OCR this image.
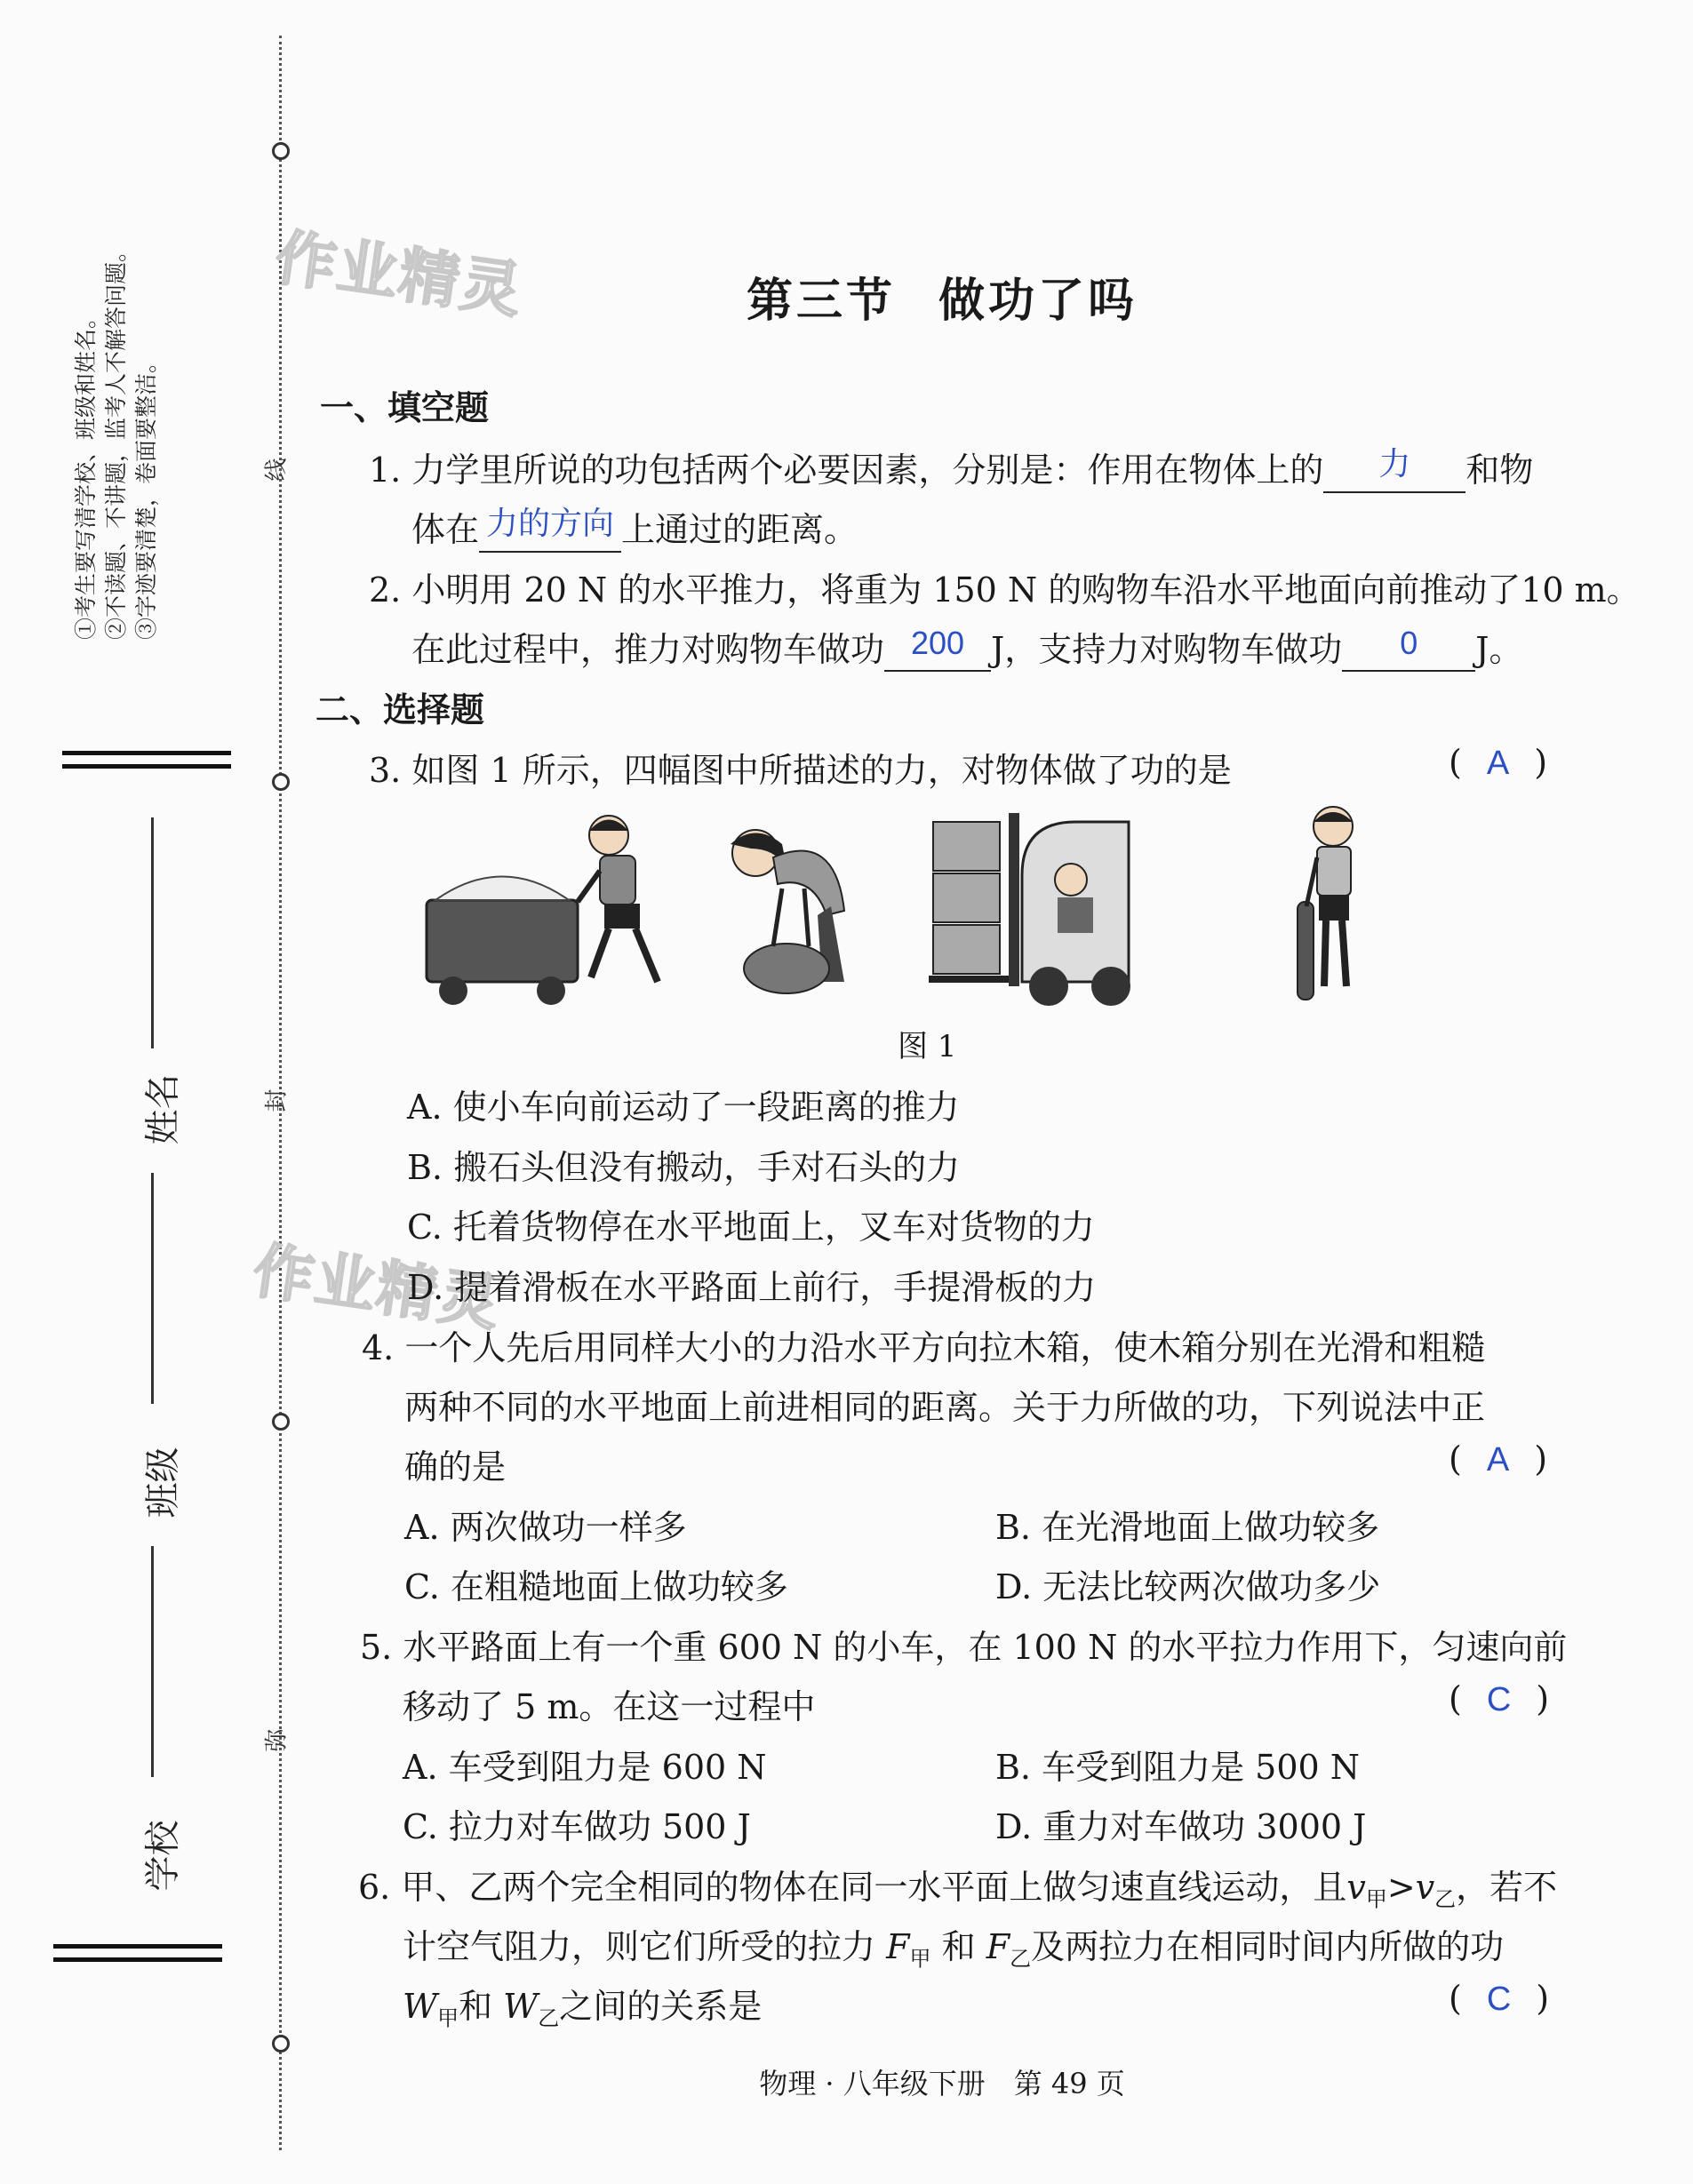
①考生要写清学校、班级和姓名。 ②不读题、不讲题，监考人不解答问题。 ③字迹要清楚，卷面要整洁。
姓名
班级
学校
线
封
弥
作业精灵
作业精灵
第三节 做功了吗
一、填空题
1. 力学里所说的功包括两个必要因素，分别是：作用在物体上的 力 和物
体在 力的方向 上通过的距离。
2. 小明用 20 N 的水平推力，将重为 150 N 的购物车沿水平地面向前推动了10 m。
在此过程中，推力对购物车做功 200 J，支持力对购物车做功 0 J。
二、选择题
3. 如图 1 所示，四幅图中所描述的力，对物体做了功的是	( A )
图 1
A. 使小车向前运动了一段距离的推力
B. 搬石头但没有搬动，手对石头的力
C. 托着货物停在水平地面上，叉车对货物的力
D. 提着滑板在水平路面上前行，手提滑板的力
4. 一个人先后用同样大小的力沿水平方向拉木箱，使木箱分别在光滑和粗糙
两种不同的水平地面上前进相同的距离。关于力所做的功，下列说法中正
确的是	( A )
A. 两次做功一样多	B. 在光滑地面上做功较多
C. 在粗糙地面上做功较多	D. 无法比较两次做功多少
5. 水平路面上有一个重 600 N 的小车，在 100 N 的水平拉力作用下，匀速向前
移动了 5 m。在这一过程中	( C )
A. 车受到阻力是 600 N	B. 车受到阻力是 500 N
C. 拉力对车做功 500 J	D. 重力对车做功 3000 J
6. 甲、乙两个完全相同的物体在同一水平面上做匀速直线运动，且$v_甲>v_乙$，若不
计空气阻力，则它们所受的拉力 $F_甲$ 和 $F_乙$及两拉力在相同时间内所做的功
$W_甲$和 $W_乙$之间的关系是	( C )
物理 · 八年级下册　第 49 页
